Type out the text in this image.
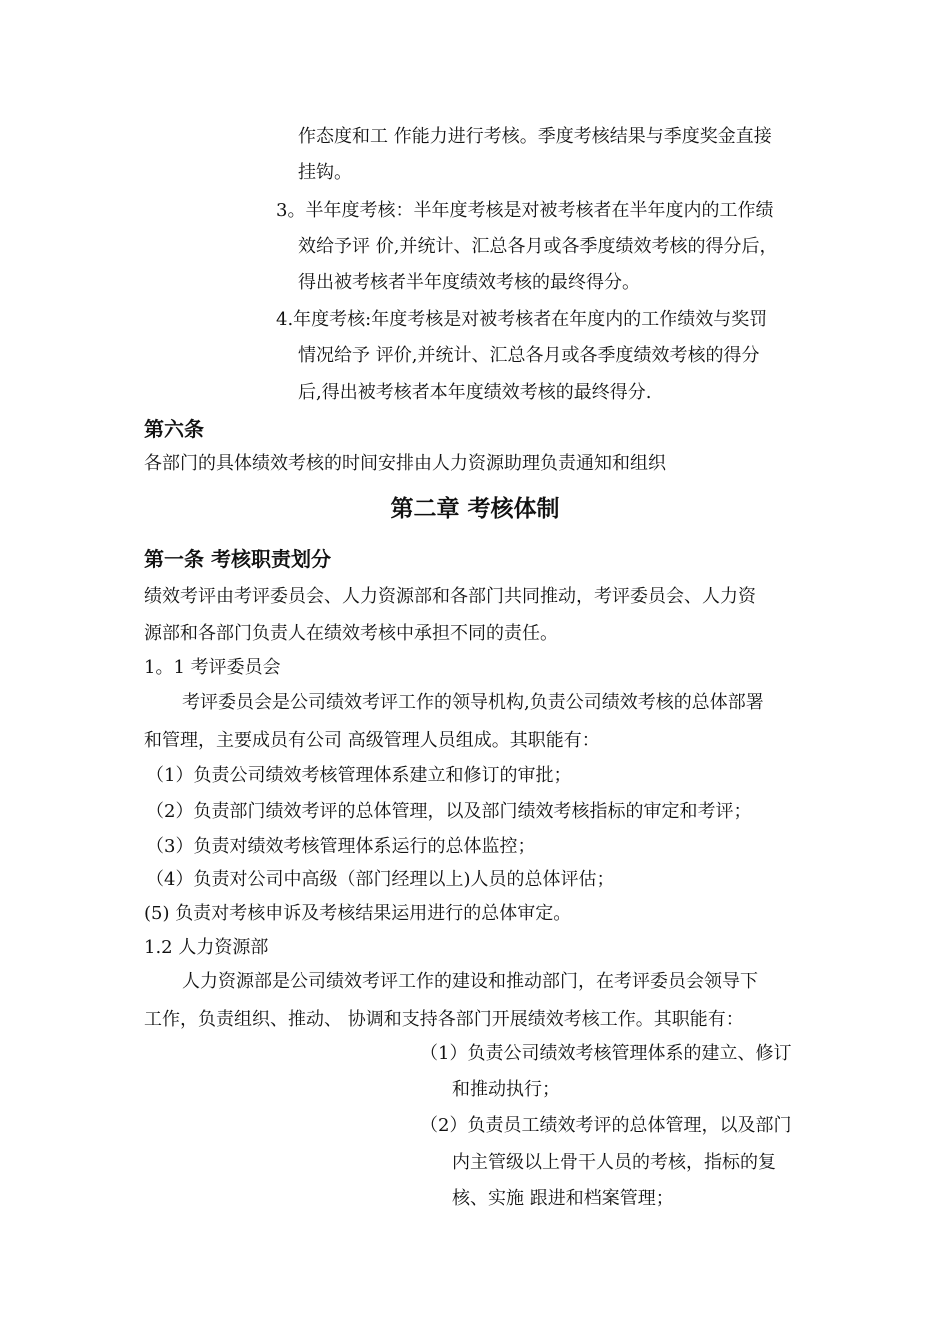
作态度和工 作能力进行考核。季度考核结果与季度奖金直接
挂钩。
3。半年度考核：半年度考核是对被考核者在半年度内的工作绩
效给予评 价,并统计、汇总各月或各季度绩效考核的得分后，
得出被考核者半年度绩效考核的最终得分。
4.年度考核:年度考核是对被考核者在年度内的工作绩效与奖罚
情况给予 评价,并统计、汇总各月或各季度绩效考核的得分
后,得出被考核者本年度绩效考核的最终得分.
第六条
各部门的具体绩效考核的时间安排由人力资源助理负责通知和组织
第二章 考核体制
第一条 考核职责划分
绩效考评由考评委员会、人力资源部和各部门共同推动，考评委员会、人力资
源部和各部门负责人在绩效考核中承担不同的责任。
1。1 考评委员会
考评委员会是公司绩效考评工作的领导机构,负责公司绩效考核的总体部署
和管理，主要成员有公司 高级管理人员组成。其职能有：
（1）负责公司绩效考核管理体系建立和修订的审批；
（2）负责部门绩效考评的总体管理，以及部门绩效考核指标的审定和考评；
（3）负责对绩效考核管理体系运行的总体监控；
（4）负责对公司中高级（部门经理以上)人员的总体评估；
(5) 负责对考核申诉及考核结果运用进行的总体审定。
1.2 人力资源部
人力资源部是公司绩效考评工作的建设和推动部门，在考评委员会领导下
工作，负责组织、推动、 协调和支持各部门开展绩效考核工作。其职能有：
（1）负责公司绩效考核管理体系的建立、修订
和推动执行；
（2）负责员工绩效考评的总体管理，以及部门
内主管级以上骨干人员的考核，指标的复
核、实施 跟进和档案管理；
